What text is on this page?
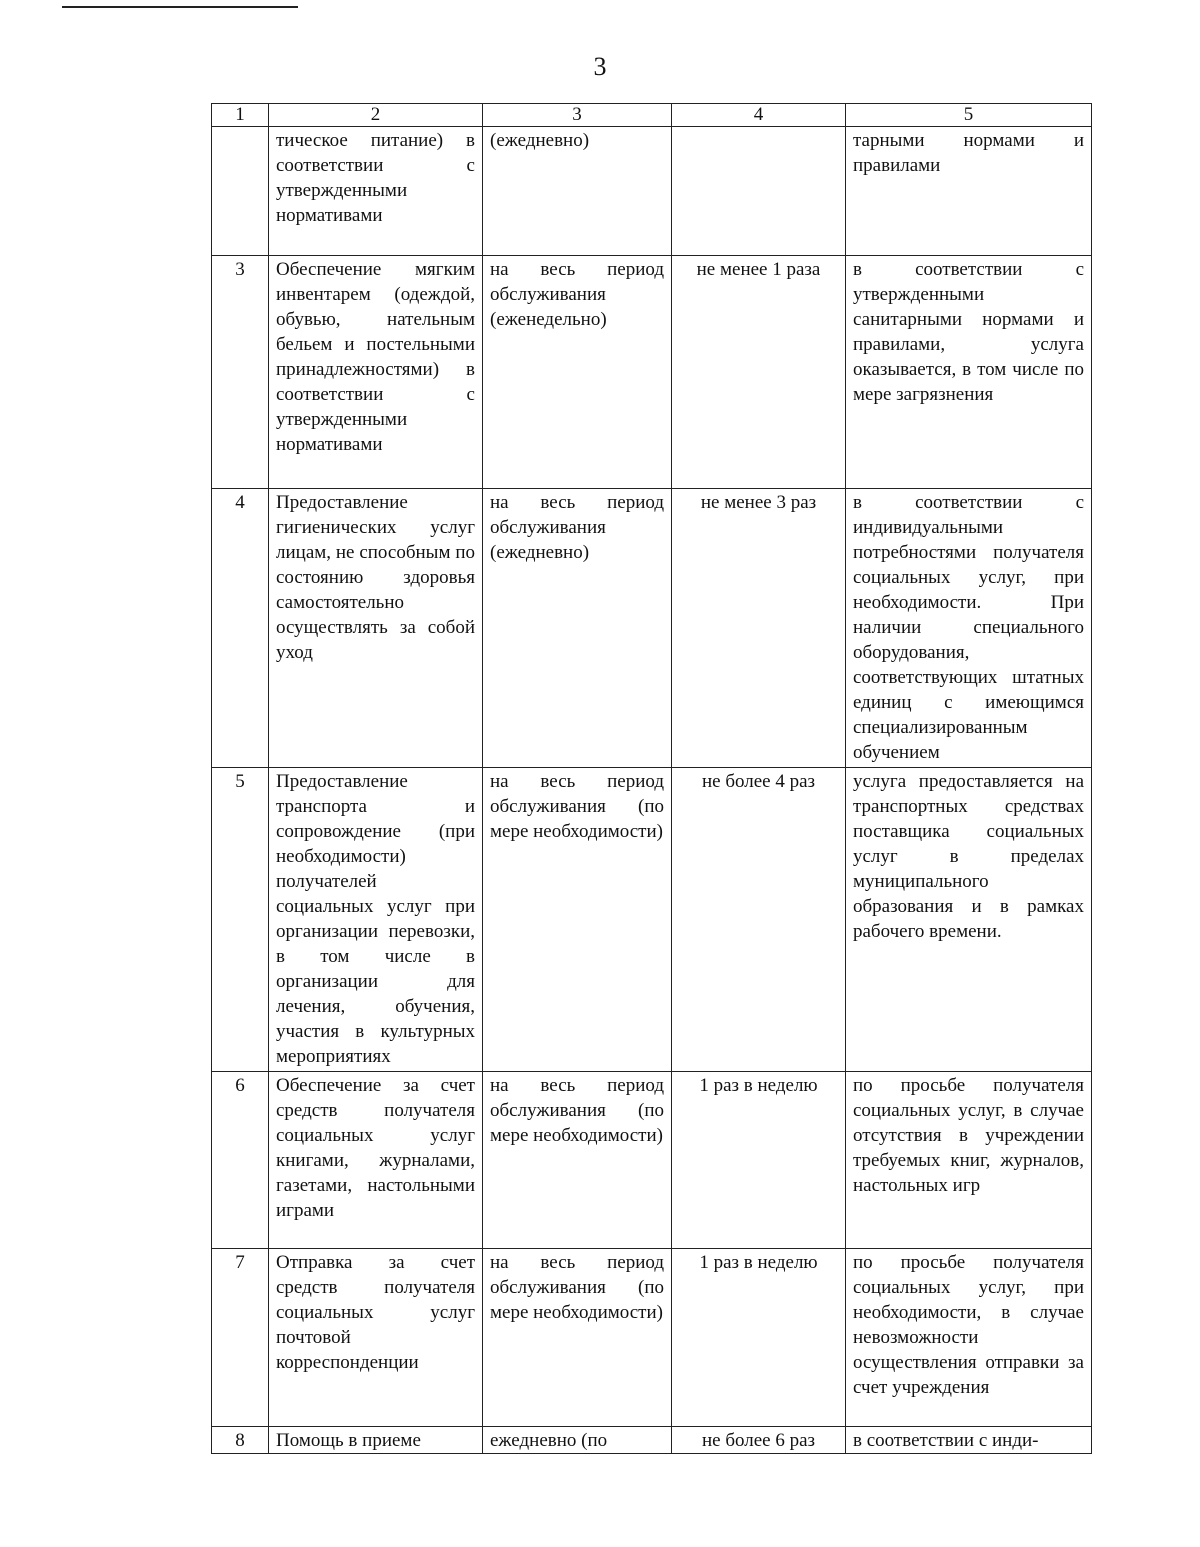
3
1	2	3	4	5
	тическое питание) в соответствии с утвержденными нормативами	(ежедневно)		тарными нормами и правилами
3	Обеспечение мягким инвентарем (одеждой, обувью, нательным бельем и постельными принадлежностями) в соответствии с утвержденными нормативами	на весь период обслуживания (еженедельно)	не менее 1 раза	в соответствии с утвержденными санитарными нормами и правилами, услуга оказывается, в том числе по мере загрязнения
4	Предоставление гигиенических услуг лицам, не способным по состоянию здоровья самостоятельно осуществлять за собой уход	на весь период обслуживания (ежедневно)	не менее 3 раз	в соответствии с индивидуальными потребностями получателя социальных услуг, при необходимости. При наличии специального оборудования, соответствующих штатных единиц с имеющимся специализированным обучением
5	Предоставление транспорта и сопровождение (при необходимости) получателей социальных услуг при организации перевозки, в том числе в организации для лечения, обучения, участия в культурных мероприятиях	на весь период обслуживания (по мере необходимости)	не более 4 раз	услуга предоставляется на транспортных средствах поставщика социальных услуг в пределах муниципального образования и в рамках рабочего времени.
6	Обеспечение за счет средств получателя социальных услуг книгами, журналами, газетами, настольными играми	на весь период обслуживания (по мере необходимости)	1 раз в неделю	по просьбе получателя социальных услуг, в случае отсутствия в учреждении требуемых книг, журналов, настольных игр
7	Отправка за счет средств получателя социальных услуг почтовой корреспонденции	на весь период обслуживания (по мере необходимости)	1 раз в неделю	по просьбе получателя социальных услуг, при необходимости, в случае невозможности осуществления отправки за счет учреждения
8	Помощь в приеме	ежедневно (по	не более 6 раз	в соответствии с инди-
